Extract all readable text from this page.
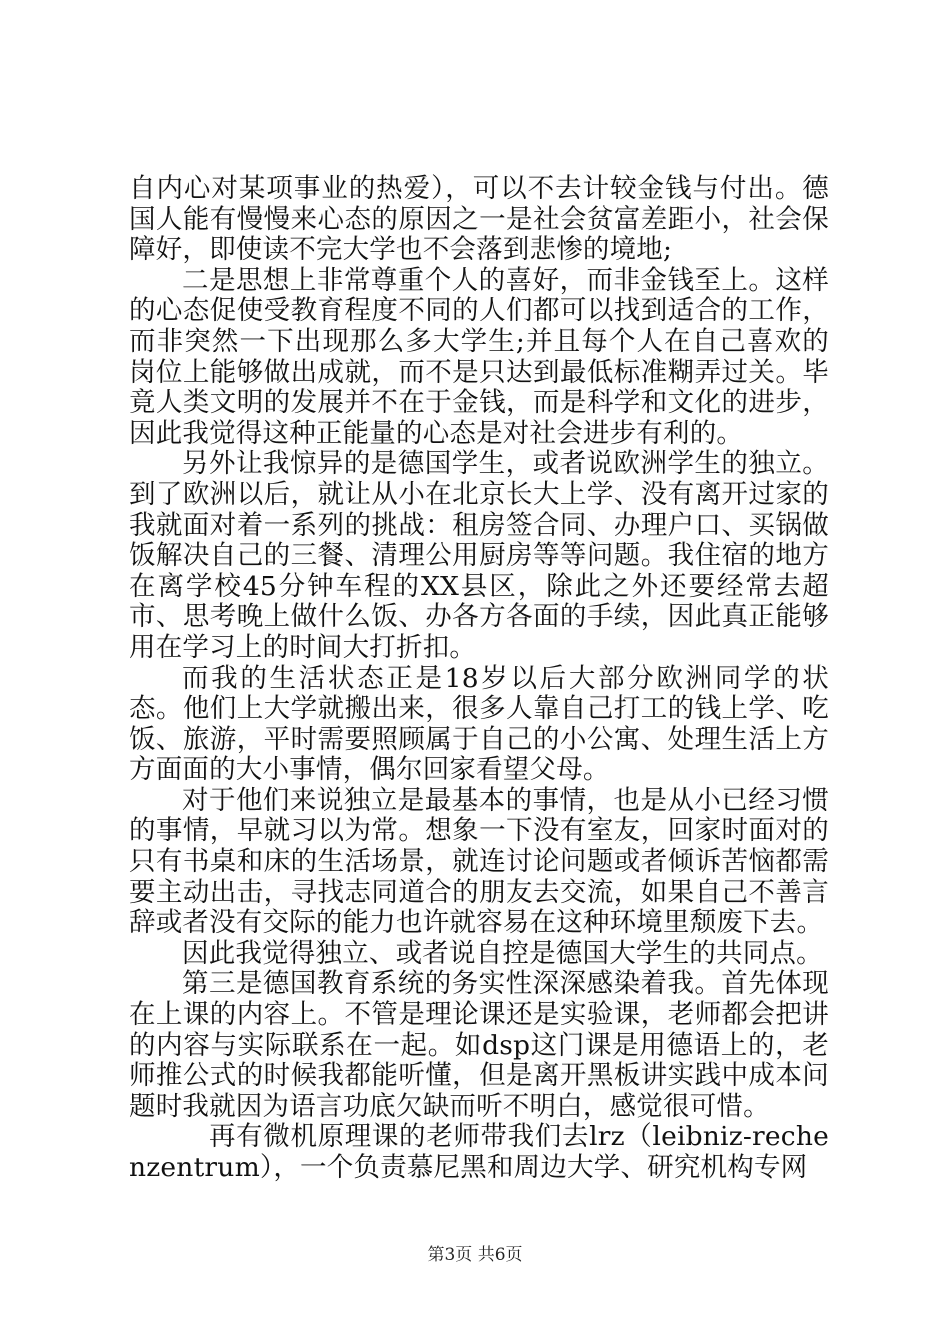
自内心对某项事业的热爱），可以不去计较金钱与付出。德国人能有慢慢来心态的原因之一是社会贫富差距小，社会保障好，即使读不完大学也不会落到悲惨的境地;

二是思想上非常尊重个人的喜好，而非金钱至上。这样的心态促使受教育程度不同的人们都可以找到适合的工作，而非突然一下出现那么多大学生;并且每个人在自己喜欢的岗位上能够做出成就，而不是只达到最低标准糊弄过关。毕竟人类文明的发展并不在于金钱，而是科学和文化的进步，因此我觉得这种正能量的心态是对社会进步有利的。

另外让我惊异的是德国学生，或者说欧洲学生的独立。到了欧洲以后，就让从小在北京长大上学、没有离开过家的我就面对着一系列的挑战：租房签合同、办理户口、买锅做饭解决自己的三餐、清理公用厨房等等问题。我住宿的地方在离学校45分钟车程的XX县区，除此之外还要经常去超市、思考晚上做什么饭、办各方各面的手续，因此真正能够用在学习上的时间大打折扣。

而我的生活状态正是18岁以后大部分欧洲同学的状态。他们上大学就搬出来，很多人靠自己打工的钱上学、吃饭、旅游，平时需要照顾属于自己的小公寓、处理生活上方方面面的大小事情，偶尔回家看望父母。

对于他们来说独立是最基本的事情，也是从小已经习惯的事情，早就习以为常。想象一下没有室友，回家时面对的只有书桌和床的生活场景，就连讨论问题或者倾诉苦恼都需要主动出击，寻找志同道合的朋友去交流，如果自己不善言辞或者没有交际的能力也许就容易在这种环境里颓废下去。

因此我觉得独立、或者说自控是德国大学生的共同点。

第三是德国教育系统的务实性深深感染着我。首先体现在上课的内容上。不管是理论课还是实验课，老师都会把讲的内容与实际联系在一起。如dsp这门课是用德语上的，老师推公式的时候我都能听懂，但是离开黑板讲实践中成本问题时我就因为语言功底欠缺而听不明白，感觉很可惜。

再有微机原理课的老师带我们去lrz（leibniz-rechenzentrum），一个负责慕尼黑和周边大学、研究机构专网

第3页 共6页
